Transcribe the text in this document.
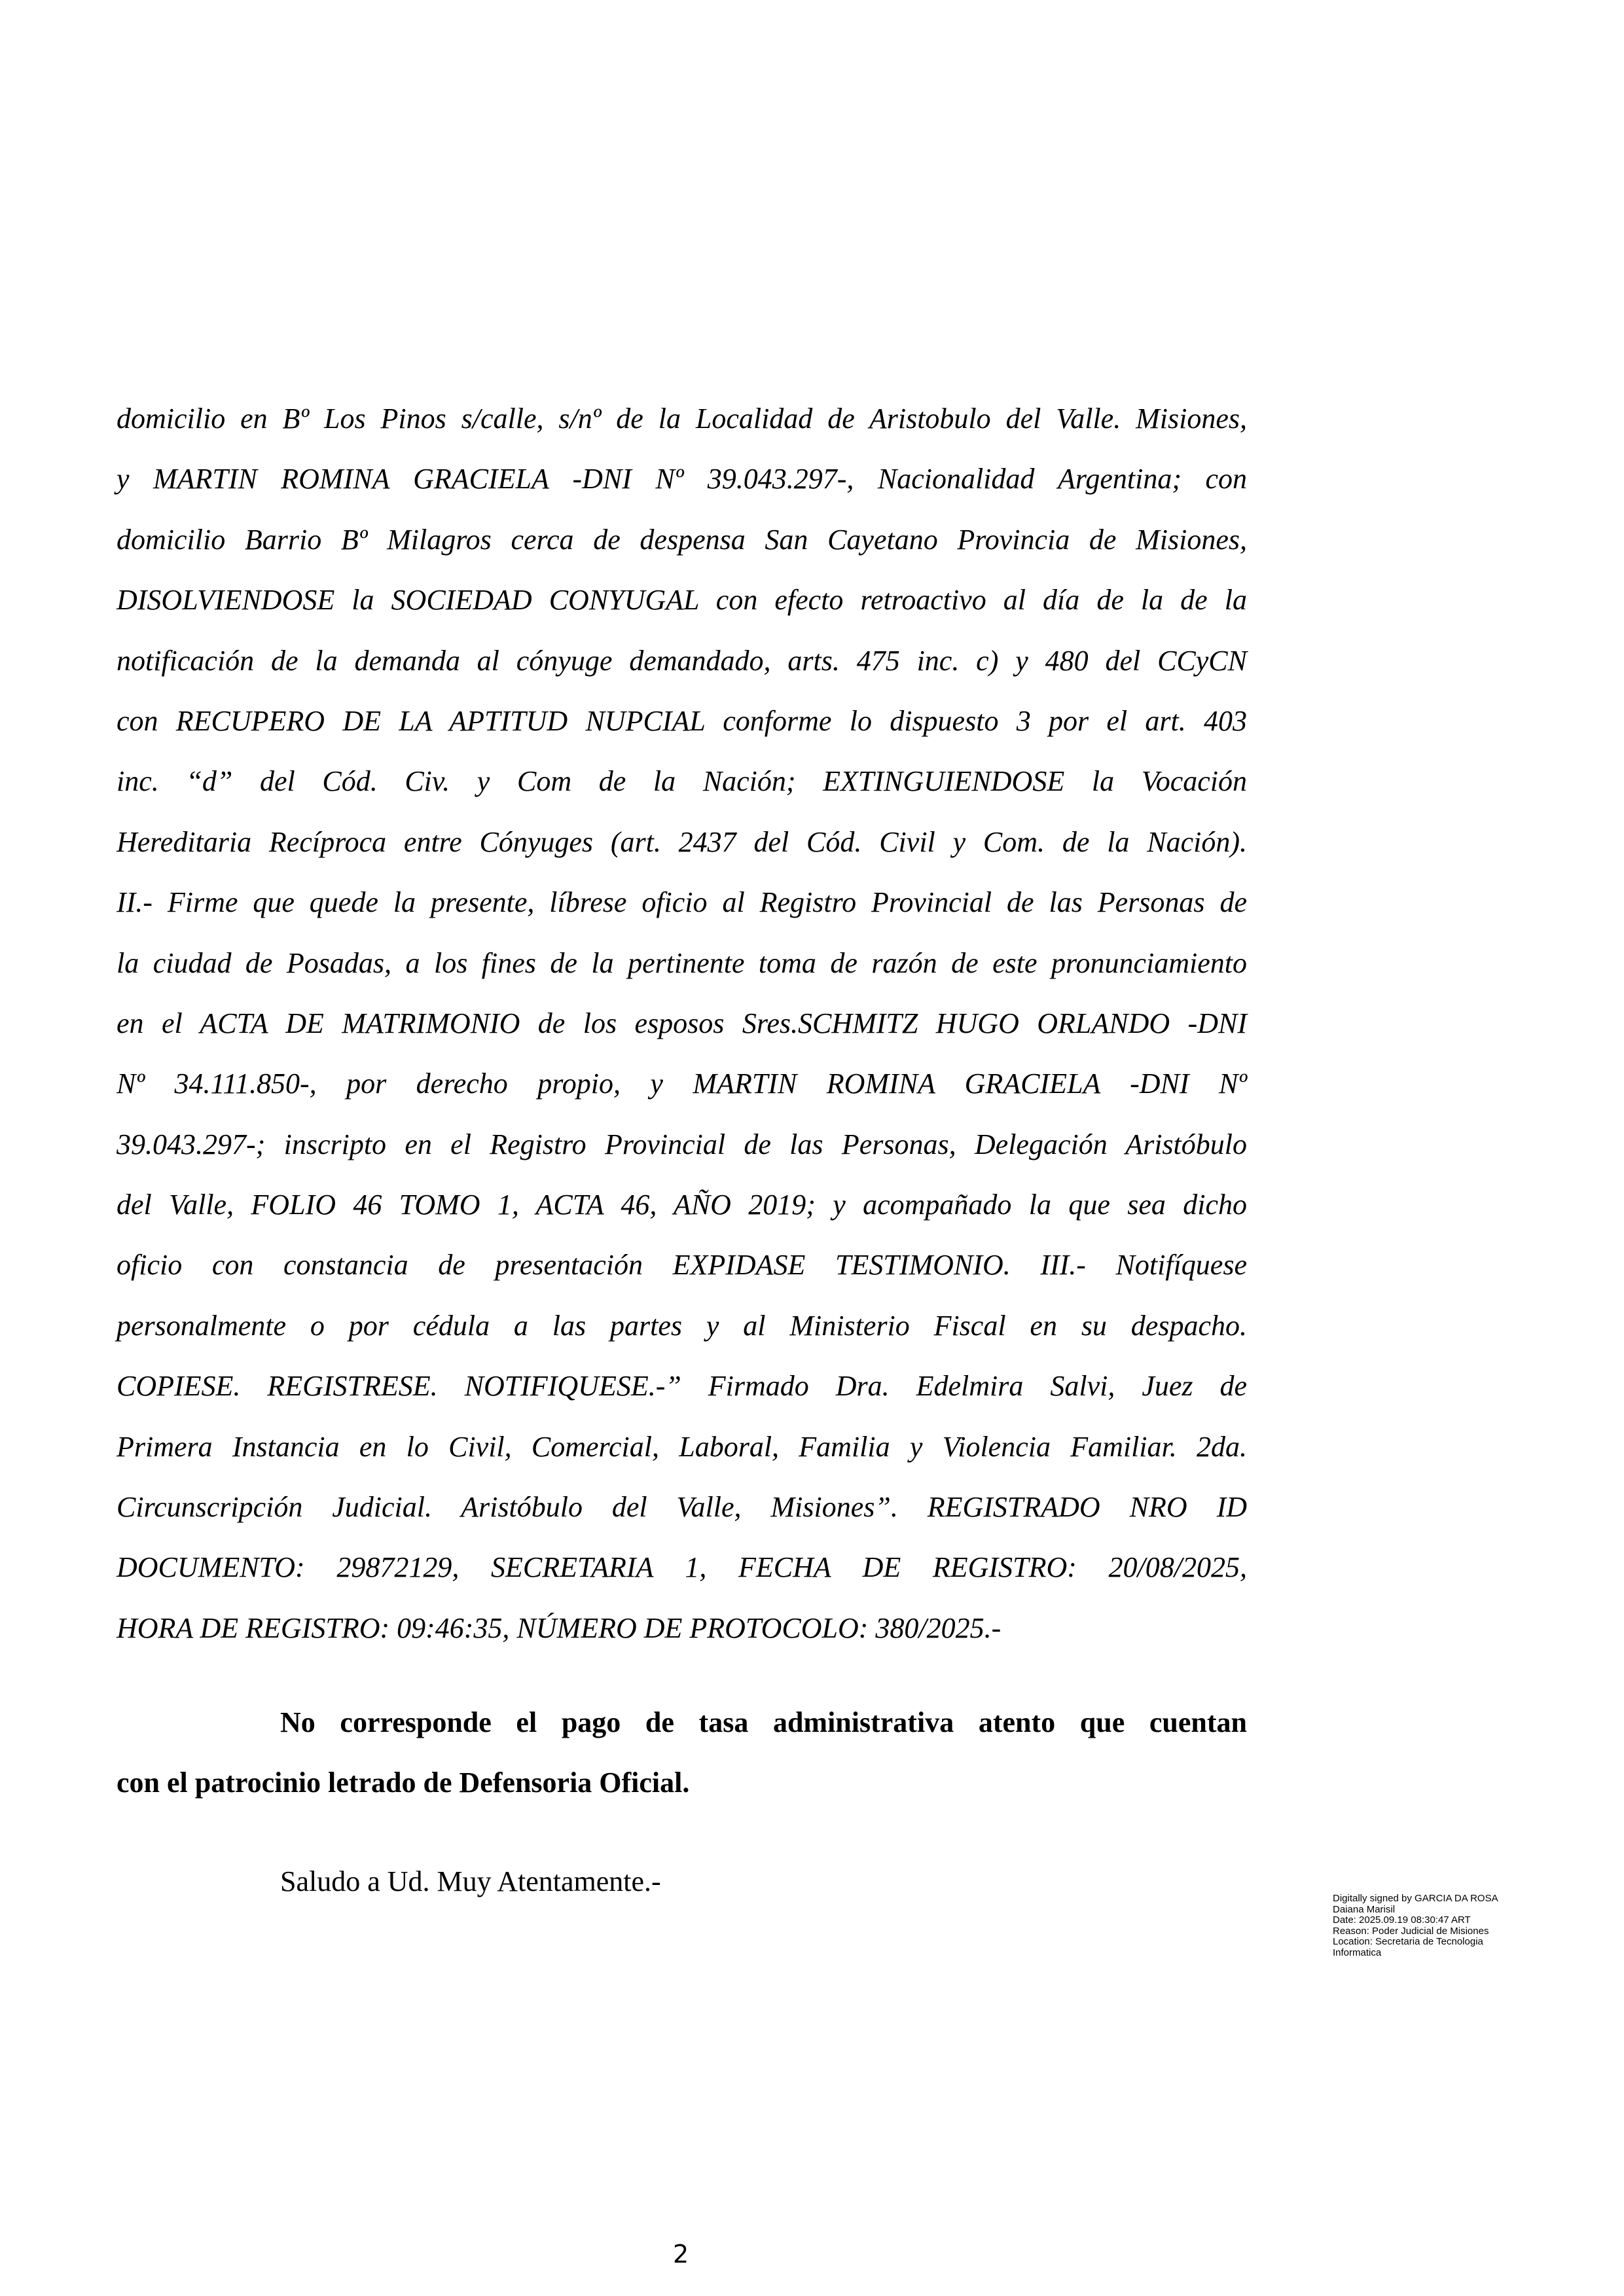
domicilio en Bº Los Pinos s/calle, s/nº de la Localidad de Aristobulo del Valle. Misiones,
y MARTIN ROMINA GRACIELA -DNI Nº 39.043.297-, Nacionalidad Argentina; con
domicilio Barrio Bº Milagros cerca de despensa San Cayetano Provincia de Misiones,
DISOLVIENDOSE la SOCIEDAD CONYUGAL con efecto retroactivo al día de la de la
notificación de la demanda al cónyuge demandado, arts. 475 inc. c) y 480 del CCyCN
con RECUPERO DE LA APTITUD NUPCIAL conforme lo dispuesto 3 por el art. 403
inc. “d” del Cód. Civ. y Com de la Nación; EXTINGUIENDOSE la Vocación
Hereditaria Recíproca entre Cónyuges (art. 2437 del Cód. Civil y Com. de la Nación).
II.- Firme que quede la presente, líbrese oficio al Registro Provincial de las Personas de
la ciudad de Posadas, a los fines de la pertinente toma de razón de este pronunciamiento
en el ACTA DE MATRIMONIO de los esposos Sres.SCHMITZ HUGO ORLANDO -DNI
Nº 34.111.850-, por derecho propio, y MARTIN ROMINA GRACIELA -DNI Nº
39.043.297-; inscripto en el Registro Provincial de las Personas, Delegación Aristóbulo
del Valle, FOLIO 46 TOMO 1, ACTA 46, AÑO 2019; y acompañado la que sea dicho
oficio con constancia de presentación EXPIDASE TESTIMONIO. III.- Notifíquese
personalmente o por cédula a las partes y al Ministerio Fiscal en su despacho.
COPIESE. REGISTRESE. NOTIFIQUESE.-” Firmado Dra. Edelmira Salvi, Juez de
Primera Instancia en lo Civil, Comercial, Laboral, Familia y Violencia Familiar. 2da.
Circunscripción Judicial. Aristóbulo del Valle, Misiones”. REGISTRADO NRO ID
DOCUMENTO: 29872129, SECRETARIA 1, FECHA DE REGISTRO: 20/08/2025,
HORA DE REGISTRO: 09:46:35, NÚMERO DE PROTOCOLO: 380/2025.-
No corresponde el pago de tasa administrativa atento que cuentan
con el patrocinio letrado de Defensoria Oficial.
Saludo a Ud. Muy Atentamente.-
Digitally signed by GARCIA DA ROSA
Daiana Marisil
Date: 2025.09.19 08:30:47 ART
Reason: Poder Judicial de Misiones
Location: Secretaria de Tecnologia
Informatica
2
